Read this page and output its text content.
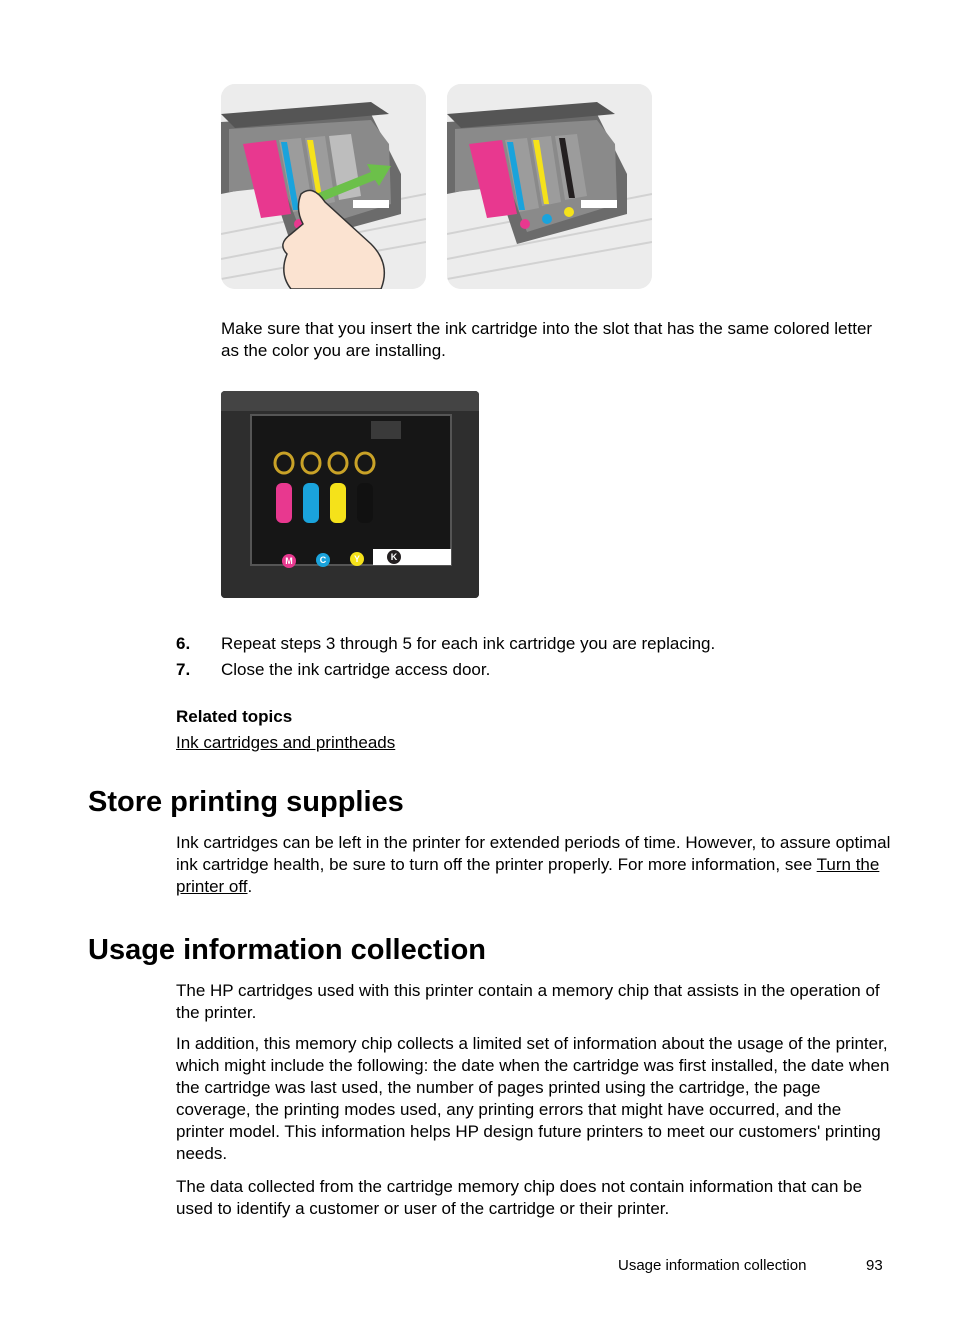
Make sure that you insert the ink cartridge into the slot that has the same colored letter as the color you are installing.
M	C	Y	K
6. Repeat steps 3 through 5 for each ink cartridge you are replacing.
7. Close the ink cartridge access door.
Related topics
Ink cartridges and printheads
Store printing supplies

Ink cartridges can be left in the printer for extended periods of time. However, to assure optimal ink cartridge health, be sure to turn off the printer properly. For more information, see Turn the printer off.

Usage information collection

The HP cartridges used with this printer contain a memory chip that assists in the operation of the printer.

In addition, this memory chip collects a limited set of information about the usage of the printer, which might include the following: the date when the cartridge was first installed, the date when the cartridge was last used, the number of pages printed using the cartridge, the page coverage, the printing modes used, any printing errors that might have occurred, and the printer model. This information helps HP design future printers to meet our customers' printing needs.

The data collected from the cartridge memory chip does not contain information that can be used to identify a customer or user of the cartridge or their printer.

Usage information collection	93
